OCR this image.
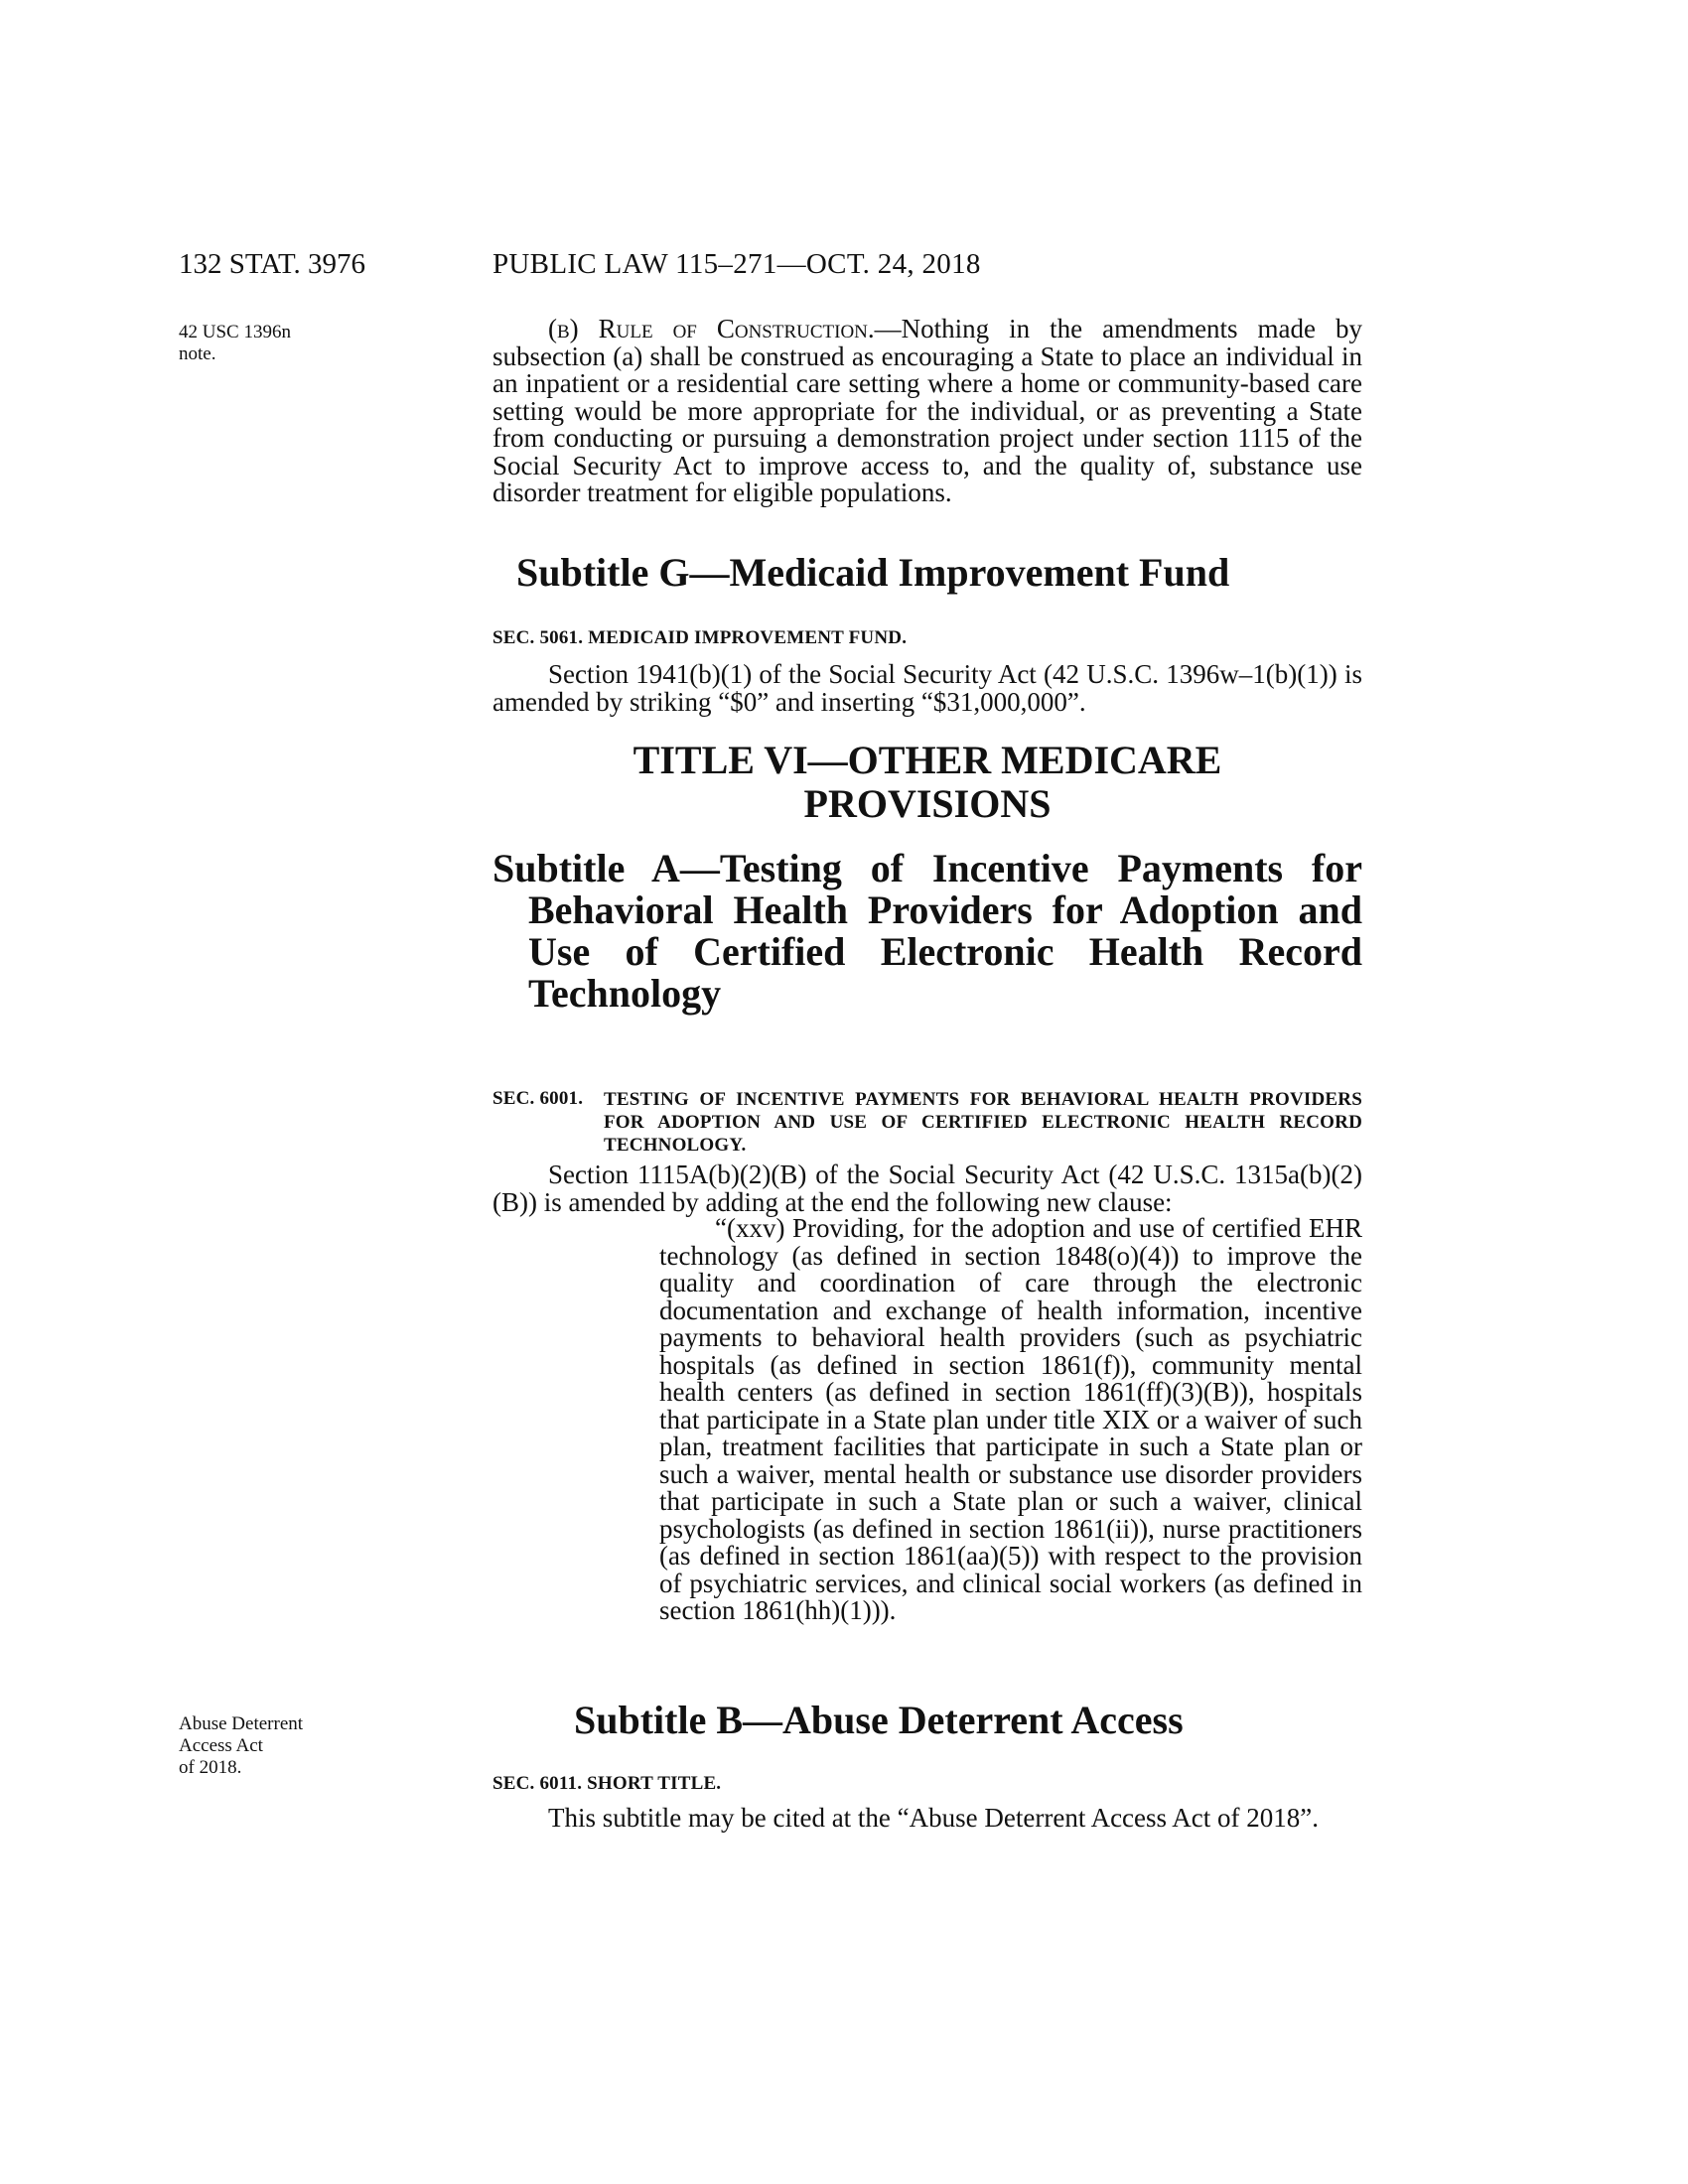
132 STAT. 3976	PUBLIC LAW 115–271—OCT. 24, 2018
42 USC 1396n
note.

(b) Rule of Construction.—Nothing in the amendments made by subsection (a) shall be construed as encouraging a State to place an individual in an inpatient or a residential care setting where a home or community-based care setting would be more appropriate for the individual, or as preventing a State from conducting or pursuing a demonstration project under section 1115 of the Social Security Act to improve access to, and the quality of, substance use disorder treatment for eligible populations.

Subtitle G—Medicaid Improvement Fund
SEC. 5061. MEDICAID IMPROVEMENT FUND.

Section 1941(b)(1) of the Social Security Act (42 U.S.C. 1396w–1(b)(1)) is amended by striking “$0” and inserting “$31,000,000”.

TITLE VI—OTHER MEDICARE
PROVISIONS
Subtitle A—Testing of Incentive Payments for Behavioral Health Providers for Adoption and Use of Certified Electronic Health Record Technology
SEC. 6001. TESTING OF INCENTIVE PAYMENTS FOR BEHAVIORAL HEALTH PROVIDERS FOR ADOPTION AND USE OF CERTIFIED ELECTRONIC HEALTH RECORD TECHNOLOGY.

Section 1115A(b)(2)(B) of the Social Security Act (42 U.S.C. 1315a(b)(2)(B)) is amended by adding at the end the following new clause:

“(xxv) Providing, for the adoption and use of certified EHR technology (as defined in section 1848(o)(4)) to improve the quality and coordination of care through the electronic documentation and exchange of health information, incentive payments to behavioral health providers (such as psychiatric hospitals (as defined in section 1861(f)), community mental health centers (as defined in section 1861(ff)(3)(B)), hospitals that participate in a State plan under title XIX or a waiver of such plan, treatment facilities that participate in such a State plan or such a waiver, mental health or substance use disorder providers that participate in such a State plan or such a waiver, clinical psychologists (as defined in section 1861(ii)), nurse practitioners (as defined in section 1861(aa)(5)) with respect to the provision of psychiatric services, and clinical social workers (as defined in section 1861(hh)(1))).

Abuse Deterrent
Access Act
of 2018.
Subtitle B—Abuse Deterrent Access
SEC. 6011. SHORT TITLE.

This subtitle may be cited at the “Abuse Deterrent Access Act of 2018”.
